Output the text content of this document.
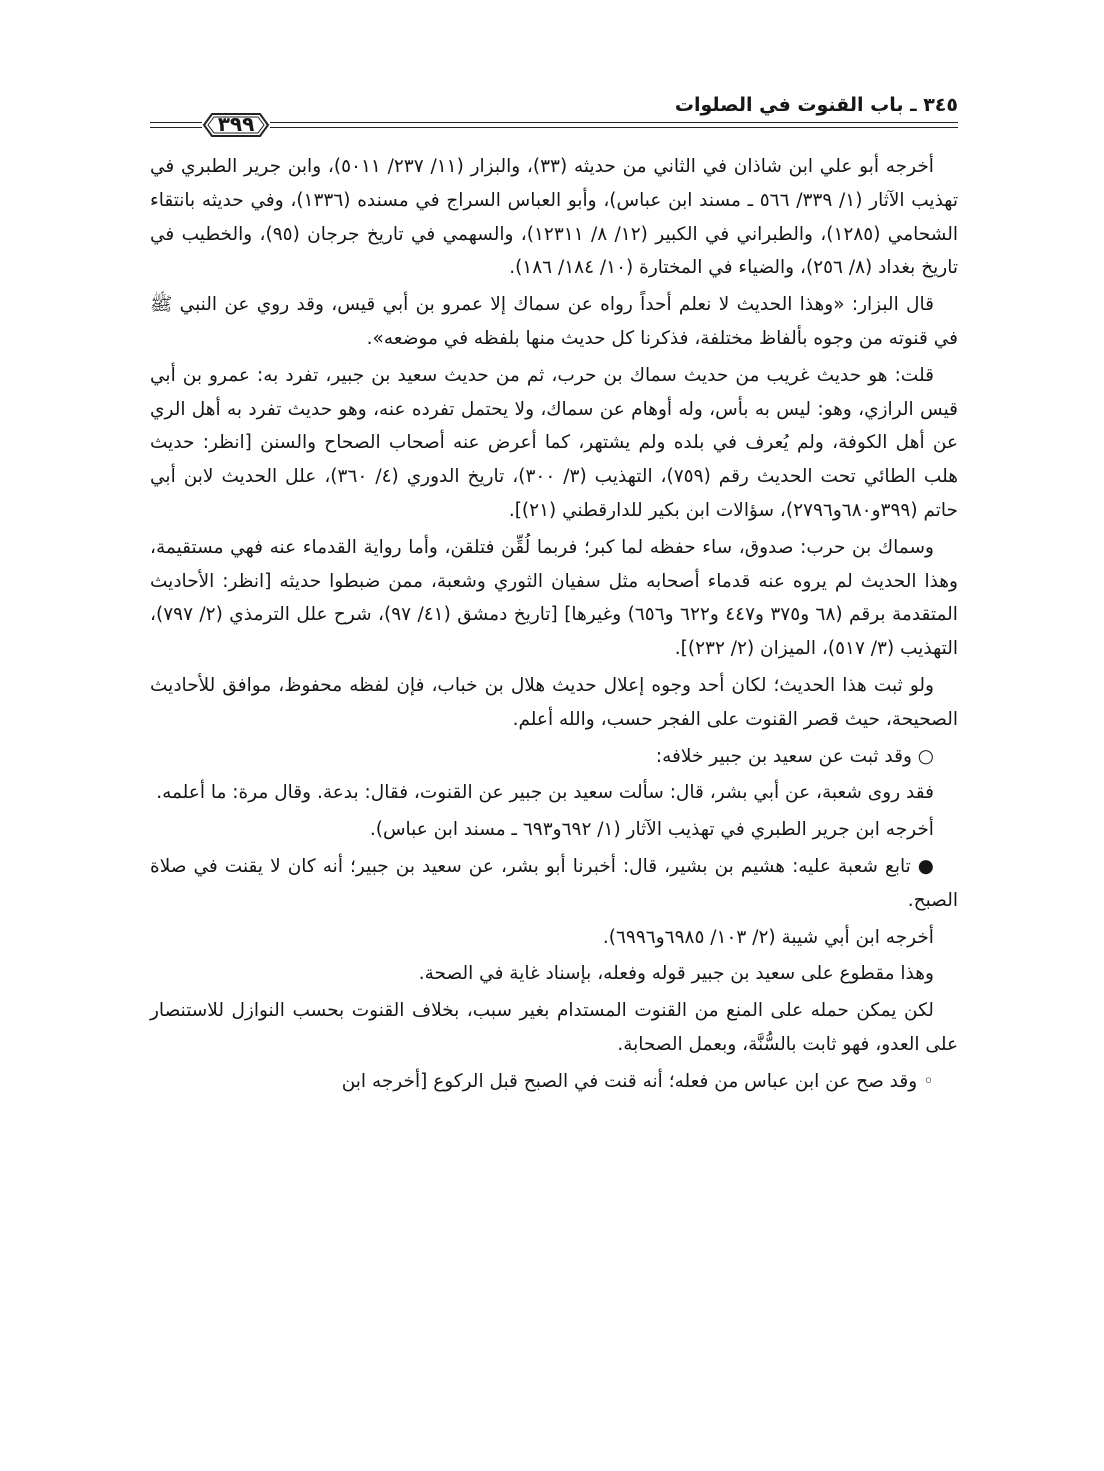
٣٤٥ ـ باب القنوت في الصلوات
٣٩٩

أخرجه أبو علي ابن شاذان في الثاني من حديثه (٣٣)، والبزار (١١/ ٢٣٧/ ٥٠١١)، وابن جرير الطبري في تهذيب الآثار (١/ ٣٣٩/ ٥٦٦ ـ مسند ابن عباس)، وأبو العباس السراج في مسنده (١٣٣٦)، وفي حديثه بانتقاء الشحامي (١٢٨٥)، والطبراني في الكبير (١٢/ ٨/ ١٢٣١١)، والسهمي في تاريخ جرجان (٩٥)، والخطيب في تاريخ بغداد (٨/ ٢٥٦)، والضياء في المختارة (١٠/ ١٨٤/ ١٨٦).

قال البزار: «وهذا الحديث لا نعلم أحداً رواه عن سماك إلا عمرو بن أبي قيس، وقد روي عن النبي ﷺ في قنوته من وجوه بألفاظ مختلفة، فذكرنا كل حديث منها بلفظه في موضعه».

قلت: هو حديث غريب من حديث سماك بن حرب، ثم من حديث سعيد بن جبير، تفرد به: عمرو بن أبي قيس الرازي، وهو: ليس به بأس، وله أوهام عن سماك، ولا يحتمل تفرده عنه، وهو حديث تفرد به أهل الري عن أهل الكوفة، ولم يُعرف في بلده ولم يشتهر، كما أعرض عنه أصحاب الصحاح والسنن [انظر: حديث هلب الطائي تحت الحديث رقم (٧٥٩)، التهذيب (٣/ ٣٠٠)، تاريخ الدوري (٤/ ٣٦٠)، علل الحديث لابن أبي حاتم (٣٩٩و٦٨٠و٢٧٩٦)، سؤالات ابن بكير للدارقطني (٢١)].

وسماك بن حرب: صدوق، ساء حفظه لما كبر؛ فربما لُقِّن فتلقن، وأما رواية القدماء عنه فهي مستقيمة، وهذا الحديث لم يروه عنه قدماء أصحابه مثل سفيان الثوري وشعبة، ممن ضبطوا حديثه [انظر: الأحاديث المتقدمة برقم (٦٨ و٣٧٥ و٤٤٧ و٦٢٢ و٦٥٦) وغيرها] [تاريخ دمشق (٤١/ ٩٧)، شرح علل الترمذي (٢/ ٧٩٧)، التهذيب (٣/ ٥١٧)، الميزان (٢/ ٢٣٢)].

ولو ثبت هذا الحديث؛ لكان أحد وجوه إعلال حديث هلال بن خباب، فإن لفظه محفوظ، موافق للأحاديث الصحيحة، حيث قصر القنوت على الفجر حسب، والله أعلم.

○ وقد ثبت عن سعيد بن جبير خلافه:

فقد روى شعبة، عن أبي بشر، قال: سألت سعيد بن جبير عن القنوت، فقال: بدعة. وقال مرة: ما أعلمه.

أخرجه ابن جرير الطبري في تهذيب الآثار (١/ ٦٩٢و٦٩٣ ـ مسند ابن عباس).

● تابع شعبة عليه: هشيم بن بشير، قال: أخبرنا أبو بشر، عن سعيد بن جبير؛ أنه كان لا يقنت في صلاة الصبح.

أخرجه ابن أبي شيبة (٢/ ١٠٣/ ٦٩٨٥و٦٩٩٦).

وهذا مقطوع على سعيد بن جبير قوله وفعله، بإسناد غاية في الصحة.

لكن يمكن حمله على المنع من القنوت المستدام بغير سبب، بخلاف القنوت بحسب النوازل للاستنصار على العدو، فهو ثابت بالسُّنَّة، وبعمل الصحابة.

◦ وقد صح عن ابن عباس من فعله؛ أنه قنت في الصبح قبل الركوع [أخرجه ابن
